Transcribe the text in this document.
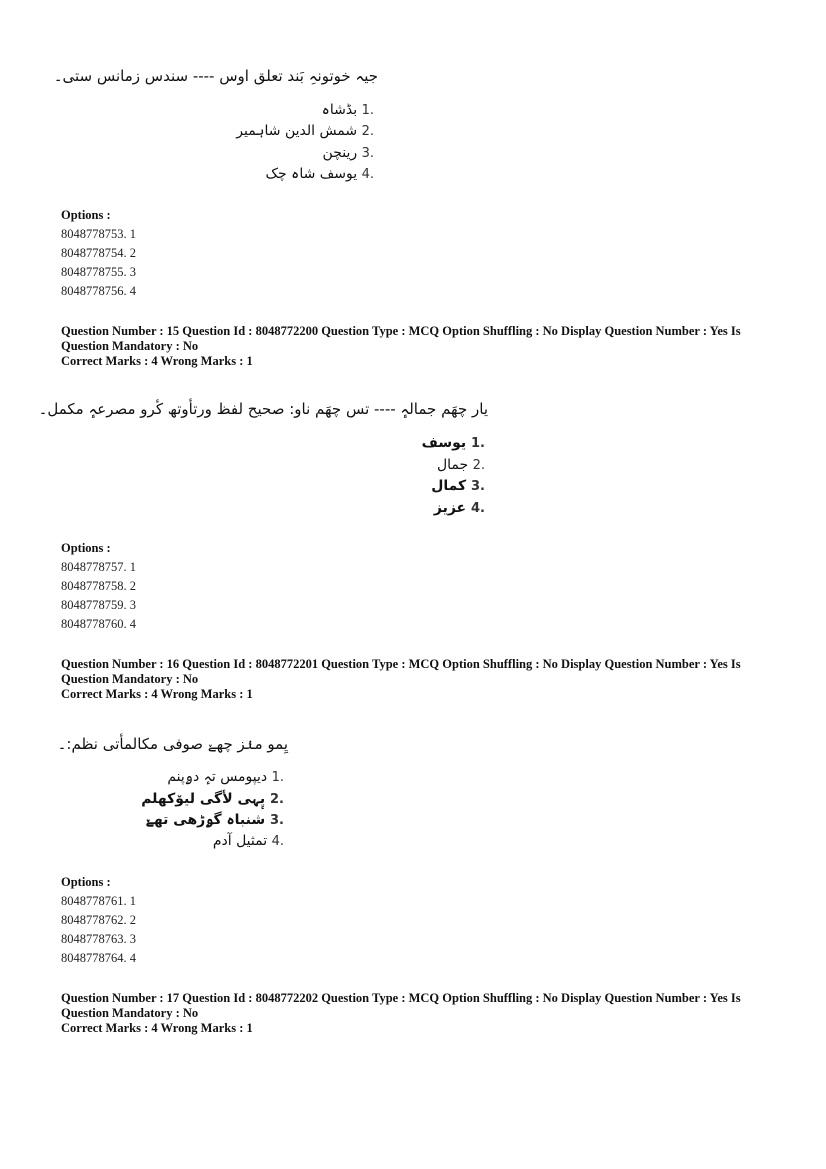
جیہ خوتونہِ بَند تعلق اوس ---- سندس زمانس ستی۔
.1 بڈشاہ
.2 شمش الدین شاہمیر
.3 رینچن
.4 یوسف شاہ چک
Options :
8048778753. 1
8048778754. 2
8048778755. 3
8048778756. 4
Question Number : 15 Question Id : 8048772200 Question Type : MCQ Option Shuffling : No Display Question Number : Yes Is
Question Mandatory : No
Correct Marks : 4 Wrong Marks : 1
یار چھَم جمالہٕ ---- تس چھَم ناو: صحیح لفظ ورتأوتھ کٔرو مصرعہٕ مکمل۔
.1 یوسف
.2 جمال
.3 کمال
.4 عزیز
Options :
8048778757. 1
8048778758. 2
8048778759. 3
8048778760. 4
Question Number : 16 Question Id : 8048772201 Question Type : MCQ Option Shuffling : No Display Question Number : Yes Is
Question Mandatory : No
Correct Marks : 4 Wrong Marks : 1
یِمو منٛز چھےٚ صوفی مکالمأتی نظم:۔
.1 دیپومس تہٕ دۄپنم
.2 یٕہی لأگی لیۆکھلم
.3 شنباہ گۄڑھی تھےٚ
.4 تمثیل آدم
Options :
8048778761. 1
8048778762. 2
8048778763. 3
8048778764. 4
Question Number : 17 Question Id : 8048772202 Question Type : MCQ Option Shuffling : No Display Question Number : Yes Is
Question Mandatory : No
Correct Marks : 4 Wrong Marks : 1
